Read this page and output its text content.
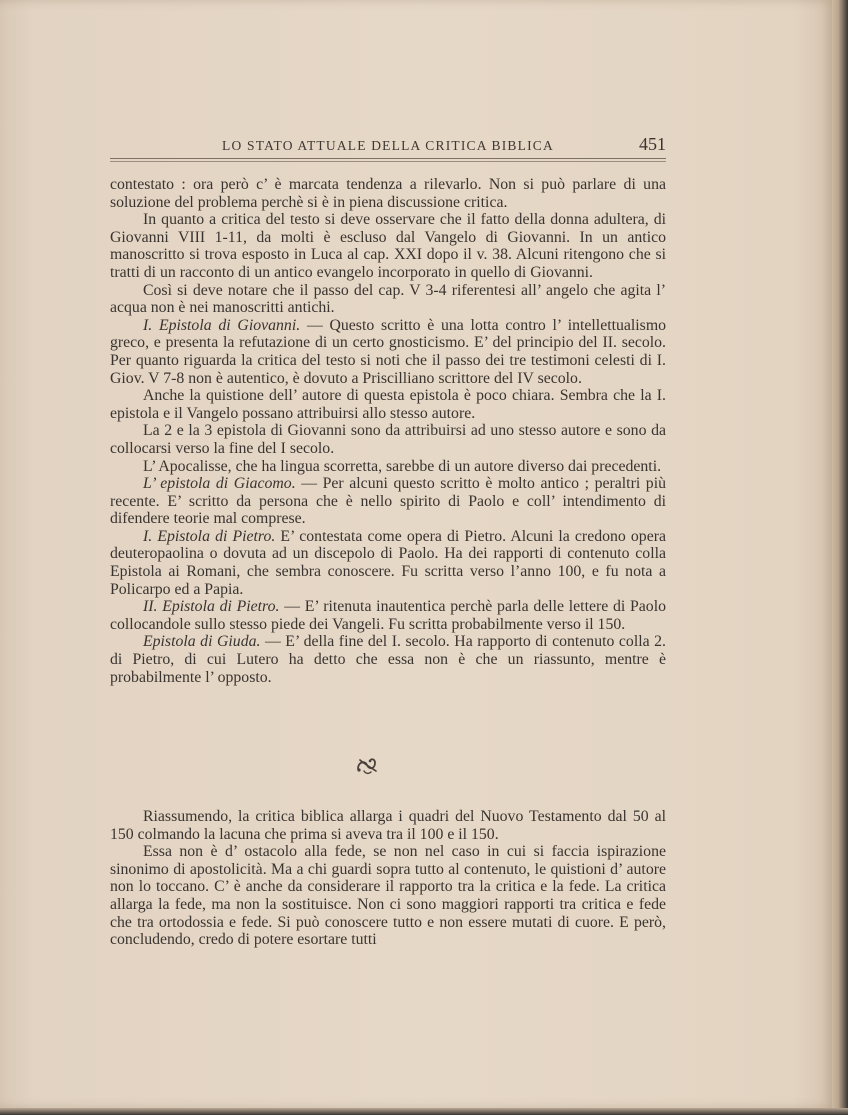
LO STATO ATTUALE DELLA CRITICA BIBLICA	451

contestato : ora però c’ è marcata tendenza a rilevarlo. Non si può parlare di una soluzione del problema perchè si è in piena discussione critica.

In quanto a critica del testo si deve osservare che il fatto della donna adultera, di Giovanni VIII 1-11, da molti è escluso dal Vangelo di Giovanni. In un antico manoscritto si trova esposto in Luca al cap. XXI dopo il v. 38. Alcuni ritengono che si tratti di un racconto di un antico evangelo incorporato in quello di Giovanni.

Così si deve notare che il passo del cap. V 3-4 riferentesi all’ angelo che agita l’ acqua non è nei manoscritti antichi.

I. Epistola di Giovanni. — Questo scritto è una lotta contro l’ intellettualismo greco, e presenta la refutazione di un certo gnosticismo. E’ del principio del II. secolo. Per quanto riguarda la critica del testo si noti che il passo dei tre testimoni celesti di I. Giov. V 7-8 non è autentico, è dovuto a Priscilliano scrittore del IV secolo.

Anche la quistione dell’ autore di questa epistola è poco chiara. Sembra che la I. epistola e il Vangelo possano attribuirsi allo stesso autore.

La 2 e la 3 epistola di Giovanni sono da attribuirsi ad uno stesso autore e sono da collocarsi verso la fine del I secolo.

L’ Apocalisse, che ha lingua scorretta, sarebbe di un autore diverso dai precedenti.

L’ epistola di Giacomo. — Per alcuni questo scritto è molto antico ; peraltri più recente. E’ scritto da persona che è nello spirito di Paolo e coll’ intendimento di difendere teorie mal comprese.

I. Epistola di Pietro. E’ contestata come opera di Pietro. Alcuni la credono opera deuteropaolina o dovuta ad un discepolo di Paolo. Ha dei rapporti di contenuto colla Epistola ai Romani, che sembra conoscere. Fu scritta verso l’anno 100, e fu nota a Policarpo ed a Papia.

II. Epistola di Pietro. — E’ ritenuta inautentica perchè parla delle lettere di Paolo collocandole sullo stesso piede dei Vangeli. Fu scritta probabilmente verso il 150.

Epistola di Giuda. — E’ della fine del I. secolo. Ha rapporto di contenuto colla 2. di Pietro, di cui Lutero ha detto che essa non è che un riassunto, mentre è probabilmente l’ opposto.

Riassumendo, la critica biblica allarga i quadri del Nuovo Testamento dal 50 al 150 colmando la lacuna che prima si aveva tra il 100 e il 150.

Essa non è d’ ostacolo alla fede, se non nel caso in cui si faccia ispirazione sinonimo di apostolicità. Ma a chi guardi sopra tutto al contenuto, le quistioni d’ autore non lo toccano. C’ è anche da considerare il rapporto tra la critica e la fede. La critica allarga la fede, ma non la sostituisce. Non ci sono maggiori rapporti tra critica e fede che tra ortodossia e fede. Si può conoscere tutto e non essere mutati di cuore. E però, concludendo, credo di potere esortare tutti
